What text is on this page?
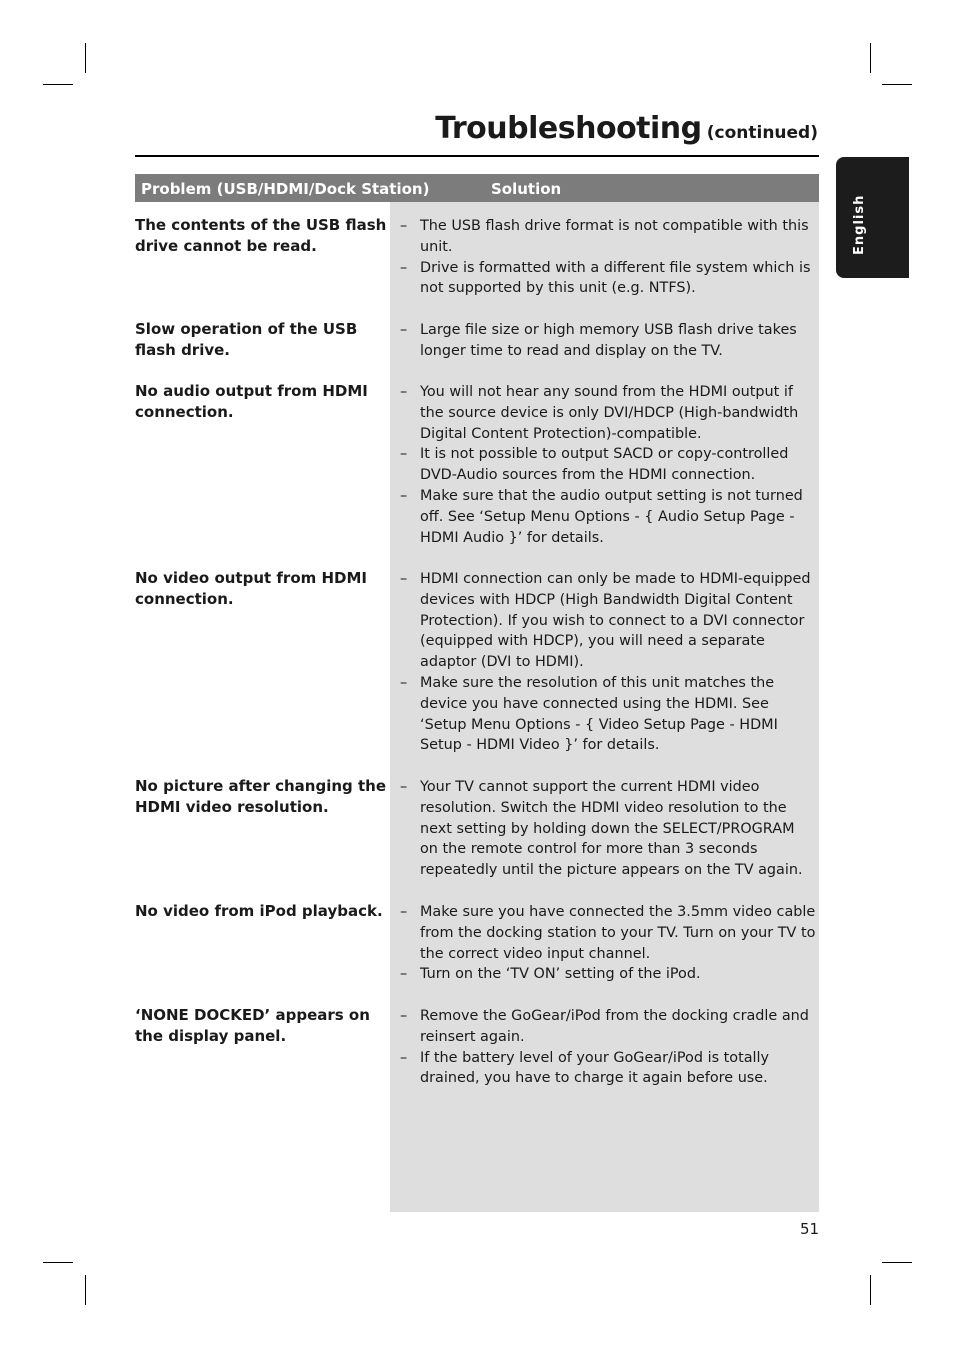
Troubleshooting (continued)
English
Problem (USB/HDMI/Dock Station)	Solution
The contents of the USB flash drive cannot be read.
– The USB flash drive format is not compatible with this unit.
– Drive is formatted with a different file system which is not supported by this unit (e.g. NTFS).
Slow operation of the USB flash drive.
– Large file size or high memory USB flash drive takes longer time to read and display on the TV.
No audio output from HDMI connection.
– You will not hear any sound from the HDMI output if the source device is only DVI/HDCP (High-bandwidth Digital Content Protection)-compatible.
– It is not possible to output SACD or copy-controlled DVD-Audio sources from the HDMI connection.
– Make sure that the audio output setting is not turned off. See ‘Setup Menu Options - { Audio Setup Page - HDMI Audio }’ for details.
No video output from HDMI connection.
– HDMI connection can only be made to HDMI-equipped devices with HDCP (High Bandwidth Digital Content Protection). If you wish to connect to a DVI connector (equipped with HDCP), you will need a separate adaptor (DVI to HDMI).
– Make sure the resolution of this unit matches the device you have connected using the HDMI. See ‘Setup Menu Options - { Video Setup Page - HDMI Setup - HDMI Video }’ for details.
No picture after changing the HDMI video resolution.
– Your TV cannot support the current HDMI video resolution. Switch the HDMI video resolution to the next setting by holding down the SELECT/PROGRAM on the remote control for more than 3 seconds repeatedly until the picture appears on the TV again.
No video from iPod playback.	– Make sure you have connected the 3.5mm video cable from the docking station to your TV. Turn on your TV to the correct video input channel.
– Turn on the ‘TV ON’ setting of the iPod.
‘NONE DOCKED’ appears on the display panel.
– Remove the GoGear/iPod from the docking cradle and reinsert again.
– If the battery level of your GoGear/iPod is totally drained, you have to charge it again before use.
51
